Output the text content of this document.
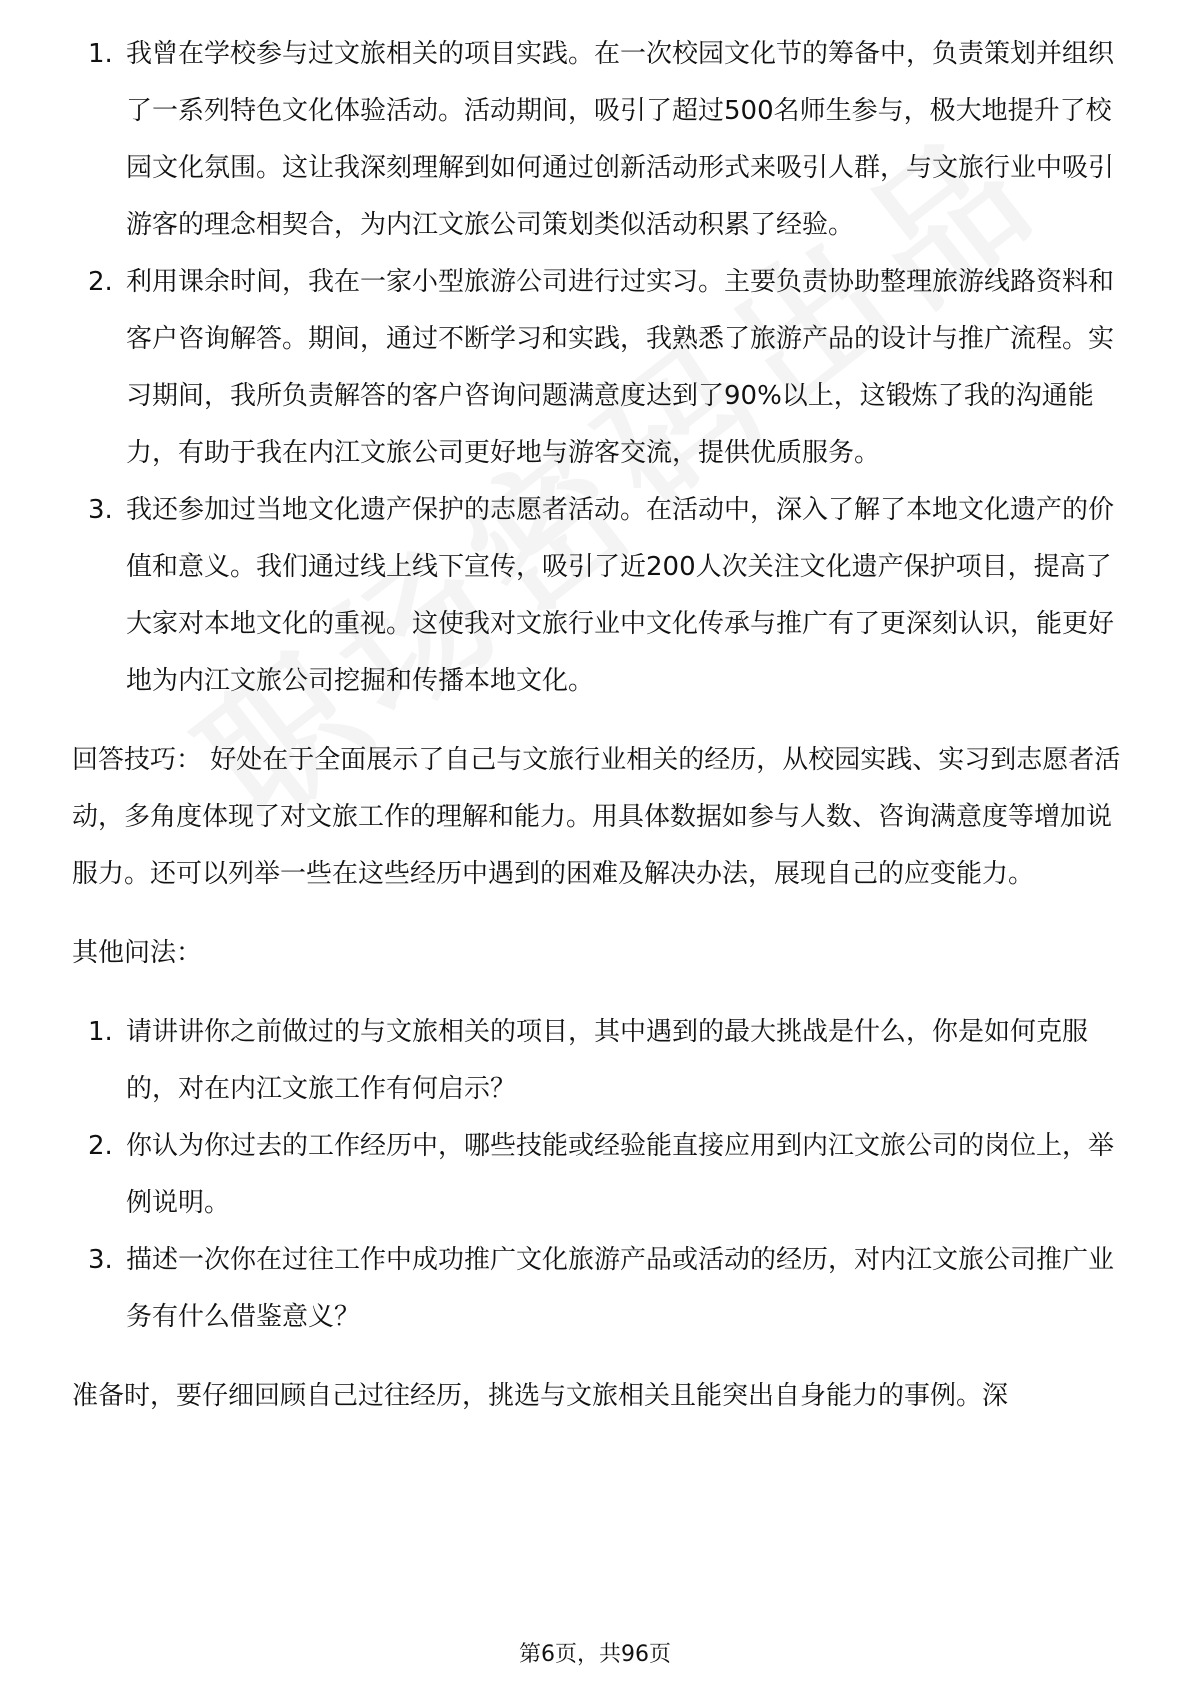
1. 我曾在学校参与过文旅相关的项目实践。在一次校园文化节的筹备中，负责策划并组织了一系列特色文化体验活动。活动期间，吸引了超过500名师生参与，极大地提升了校园文化氛围。这让我深刻理解到如何通过创新活动形式来吸引人群，与文旅行业中吸引游客的理念相契合，为内江文旅公司策划类似活动积累了经验。
2. 利用课余时间，我在一家小型旅游公司进行过实习。主要负责协助整理旅游线路资料和客户咨询解答。期间，通过不断学习和实践，我熟悉了旅游产品的设计与推广流程。实习期间，我所负责解答的客户咨询问题满意度达到了90%以上，这锻炼了我的沟通能力，有助于我在内江文旅公司更好地与游客交流，提供优质服务。
3. 我还参加过当地文化遗产保护的志愿者活动。在活动中，深入了解了本地文化遗产的价值和意义。我们通过线上线下宣传，吸引了近200人次关注文化遗产保护项目，提高了大家对本地文化的重视。这使我对文旅行业中文化传承与推广有了更深刻认识，能更好地为内江文旅公司挖掘和传播本地文化。

回答技巧： 好处在于全面展示了自己与文旅行业相关的经历，从校园实践、实习到志愿者活动，多角度体现了对文旅工作的理解和能力。用具体数据如参与人数、咨询满意度等增加说服力。还可以列举一些在这些经历中遇到的困难及解决办法，展现自己的应变能力。

其他问法：

1. 请讲讲你之前做过的与文旅相关的项目，其中遇到的最大挑战是什么，你是如何克服的，对在内江文旅工作有何启示？
2. 你认为你过去的工作经历中，哪些技能或经验能直接应用到内江文旅公司的岗位上，举例说明。
3. 描述一次你在过往工作中成功推广文化旅游产品或活动的经历，对内江文旅公司推广业务有什么借鉴意义？

准备时，要仔细回顾自己过往经历，挑选与文旅相关且能突出自身能力的事例。深

第6页，共96页
